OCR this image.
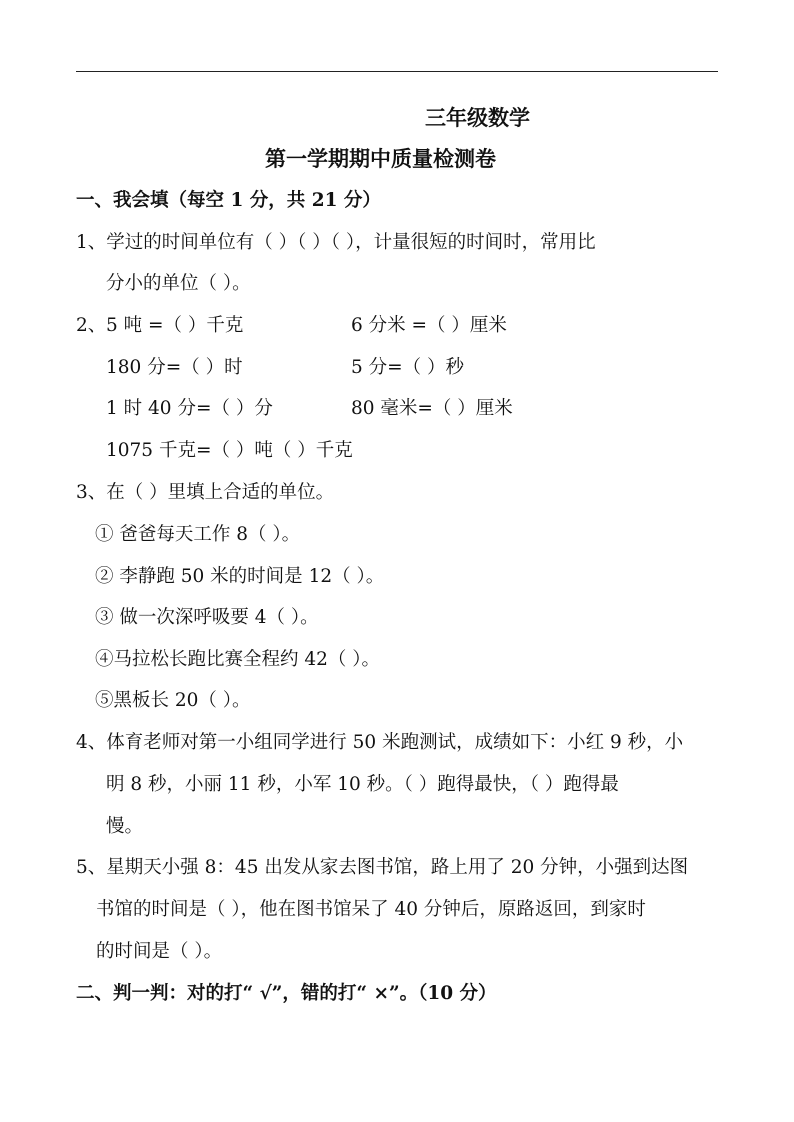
三年级数学
第一学期期中质量检测卷
一、我会填（每空 1 分，共 21 分）
1、学过的时间单位有（ ）（ ）（ ），计量很短的时间时，常用比
分小的单位（ ）。
2、 5 吨 =（ ）千克	6 分米 =（ ）厘米
180 分=（ ）时	5 分=（ ）秒
1 时 40 分=（ ）分	80 毫米=（ ）厘米
1075 千克=（ ）吨（ ）千克
3、在（ ）里填上合适的单位。
① 爸爸每天工作 8（ ）。
② 李静跑 50 米的时间是 12（ ）。
③ 做一次深呼吸要 4（ ）。
④马拉松长跑比赛全程约 42（ ）。
⑤黑板长 20（ ）。
4、体育老师对第一小组同学进行 50 米跑测试，成绩如下：小红 9 秒，小
明 8 秒，小丽 11 秒，小军 10 秒。（ ）跑得最快，（ ）跑得最
慢。
5、星期天小强 8：45 出发从家去图书馆，路上用了 20 分钟，小强到达图
书馆的时间是（ ），他在图书馆呆了 40 分钟后，原路返回，到家时
的时间是（ ）。
二、判一判：对的打“ √”，错的打“ ×”。（10 分）
